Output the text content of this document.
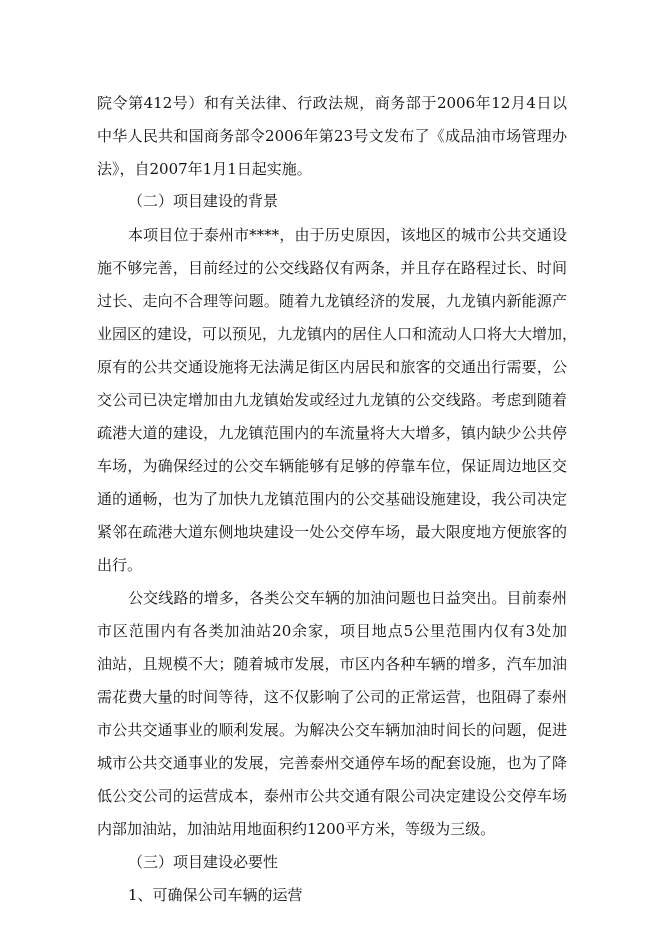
院令第412号）和有关法律、行政法规，商务部于2006年12月4日以
中华人民共和国商务部令2006年第23号文发布了《成品油市场管理办
法》，自2007年1月1日起实施。
（二）项目建设的背景
本项目位于泰州市****，由于历史原因，该地区的城市公共交通设
施不够完善，目前经过的公交线路仅有两条，并且存在路程过长、时间
过长、走向不合理等问题。随着九龙镇经济的发展，九龙镇内新能源产
业园区的建设，可以预见，九龙镇内的居住人口和流动人口将大大增加，
原有的公共交通设施将无法满足街区内居民和旅客的交通出行需要，公
交公司已决定增加由九龙镇始发或经过九龙镇的公交线路。考虑到随着
疏港大道的建设，九龙镇范围内的车流量将大大增多，镇内缺少公共停
车场，为确保经过的公交车辆能够有足够的停靠车位，保证周边地区交
通的通畅，也为了加快九龙镇范围内的公交基础设施建设，我公司决定
紧邻在疏港大道东侧地块建设一处公交停车场，最大限度地方便旅客的
出行。
公交线路的增多，各类公交车辆的加油问题也日益突出。目前泰州
市区范围内有各类加油站20余家，项目地点5公里范围内仅有3处加
油站，且规模不大；随着城市发展，市区内各种车辆的增多，汽车加油
需花费大量的时间等待，这不仅影响了公司的正常运营，也阻碍了泰州
市公共交通事业的顺利发展。为解决公交车辆加油时间长的问题，促进
城市公共交通事业的发展，完善泰州交通停车场的配套设施，也为了降
低公交公司的运营成本，泰州市公共交通有限公司决定建设公交停车场
内部加油站，加油站用地面积约1200平方米，等级为三级。
（三）项目建设必要性
1、可确保公司车辆的运营
